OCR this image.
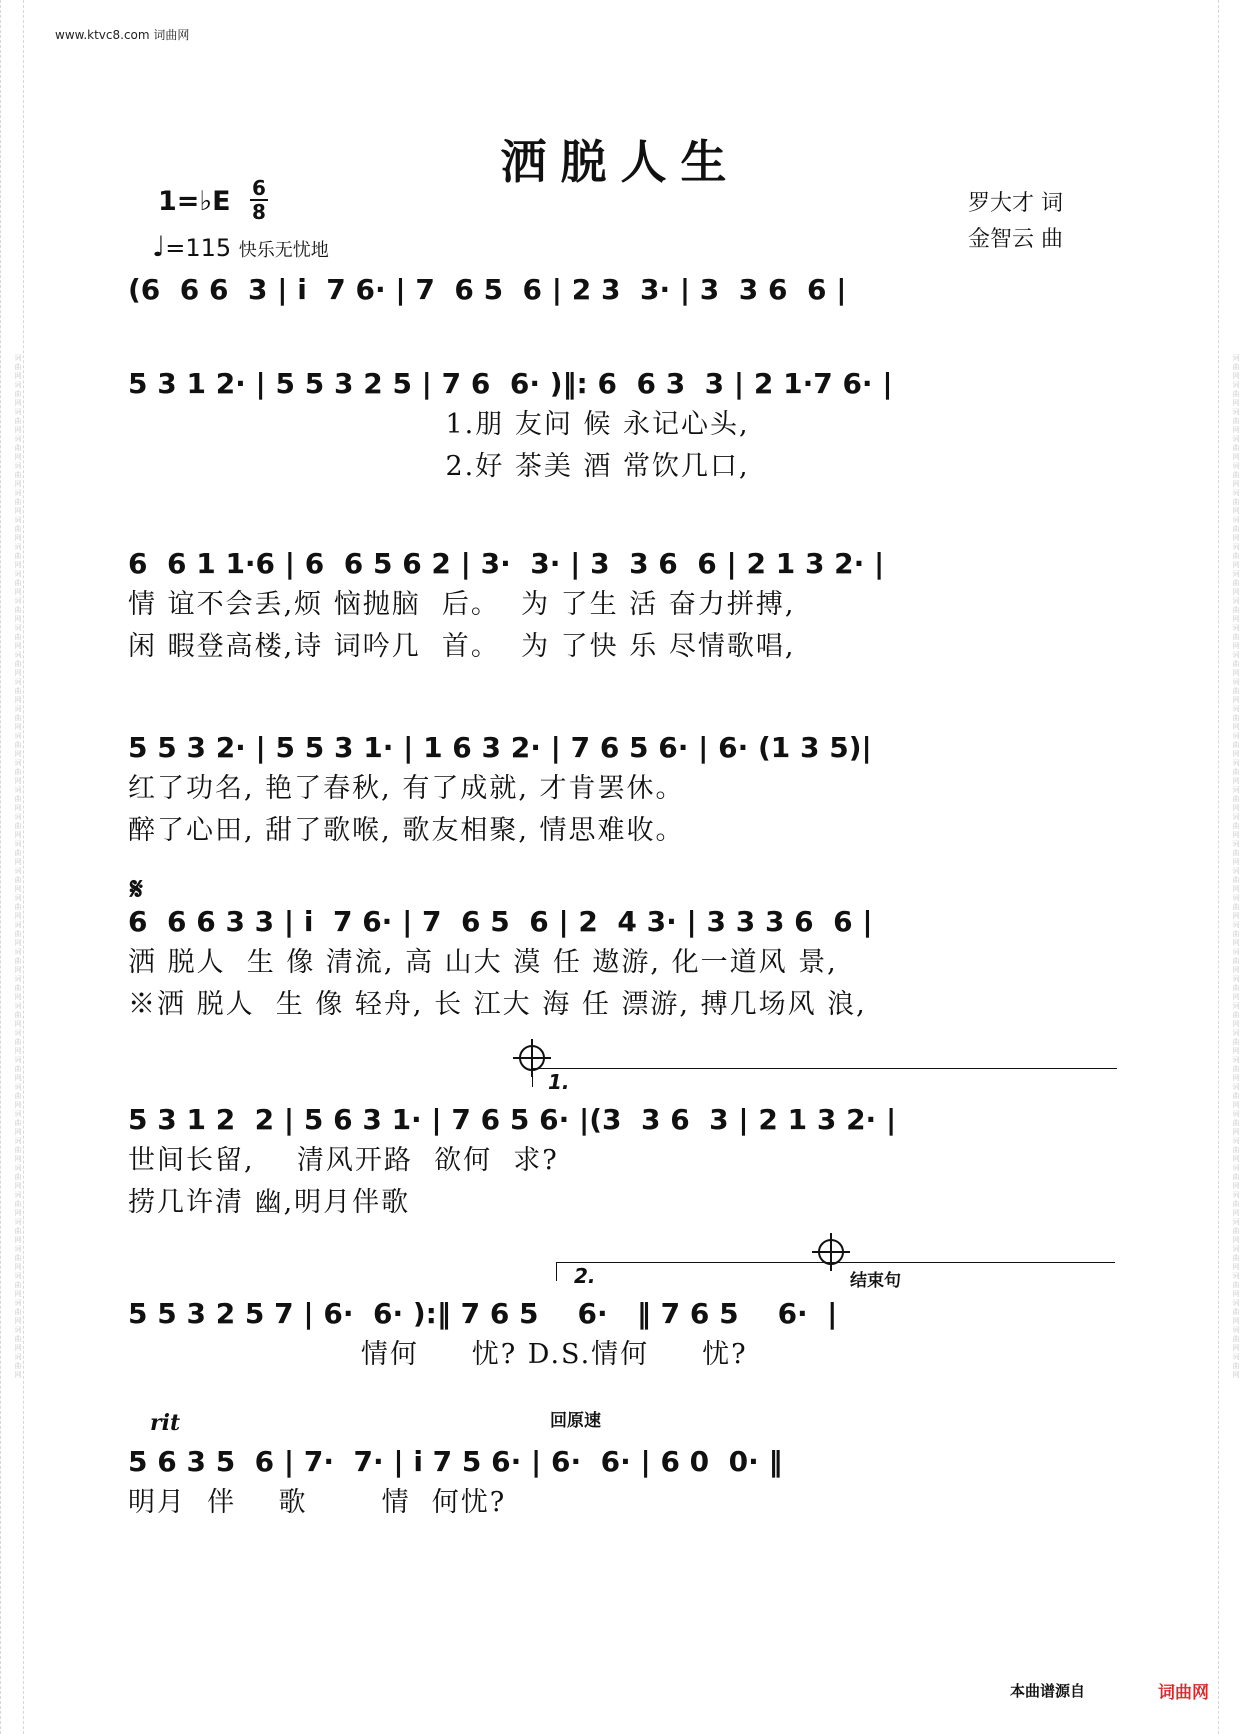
词曲网词曲网词曲网词曲网词曲网词曲网词曲网词曲网词曲网词曲网词曲网词曲网词曲网词曲网词曲网词曲网词曲网词曲网词曲网词曲网词曲网词曲网词曲网词曲网词曲网词曲网词曲网词曲网词曲网词曲网词曲网词曲网词曲网词曲网词曲网词曲网词曲网词曲网	词曲网词曲网词曲网词曲网词曲网词曲网词曲网词曲网词曲网词曲网词曲网词曲网词曲网词曲网词曲网词曲网词曲网词曲网词曲网词曲网词曲网词曲网词曲网词曲网词曲网词曲网词曲网词曲网词曲网词曲网词曲网词曲网词曲网词曲网词曲网词曲网词曲网词曲网
www.ktvc8.com 词曲网
洒脱人生
1=♭E 6
8
♩=115 快乐无忧地
罗大才 词
金智云 曲
(6  6 6  3 | i  7 6· | 7  6 5  6 | 2 3  3· | 3  3 6  6 |
5 3 1 2· | 5 5 3 2 5 | 7 6  6· )‖: 6  6 3  3 | 2 1·7 6· |
1.朋 友问 候 永记心头,
2.好 茶美 酒 常饮几口,
6  6 1 1·6 | 6  6 5 6 2 | 3·  3· | 3  3 6  6 | 2 1 3 2· |
情 谊不会丢,烦 恼抛脑  后。  为 了生 活 奋力拼搏,
闲 暇登高楼,诗 词吟几  首。  为 了快 乐 尽情歌唱,
5 5 3 2· | 5 5 3 1· | 1 6 3 2· | 7 6 5 6· | 6· (1 3 5)|
红了功名, 艳了春秋, 有了成就, 才肯罢休。
醉了心田, 甜了歌喉, 歌友相聚, 情思难收。
𝄋
6  6 6 3 3 | i  7 6· | 7  6 5  6 | 2  4 3· | 3 3 3 6  6 |
洒 脱人  生 像 清流, 高 山大 漠 任 遨游, 化一道风 景,
※洒 脱人  生 像 轻舟, 长 江大 海 任 漂游, 搏几场风 浪,
1.
5 3 1 2  2 | 5 6 3 1· | 7 6 5 6· |(3  3 6  3 | 2 1 3 2· |
世间长留,    清风开路  欲何  求?
捞几许清 幽,明月伴歌
2.	结束句
5 5 3 2 5 7 | 6·  6· ):‖ 7 6 5    6·   ‖ 7 6 5    6·  |
情何     忧? D.S.情何     忧?
rit	回原速
5 6 3 5  6 | 7·  7· | i 7 5 6· | 6·  6· | 6 0  0· ‖
明月  伴    歌       情  何忧?
本曲谱源自	词曲网
